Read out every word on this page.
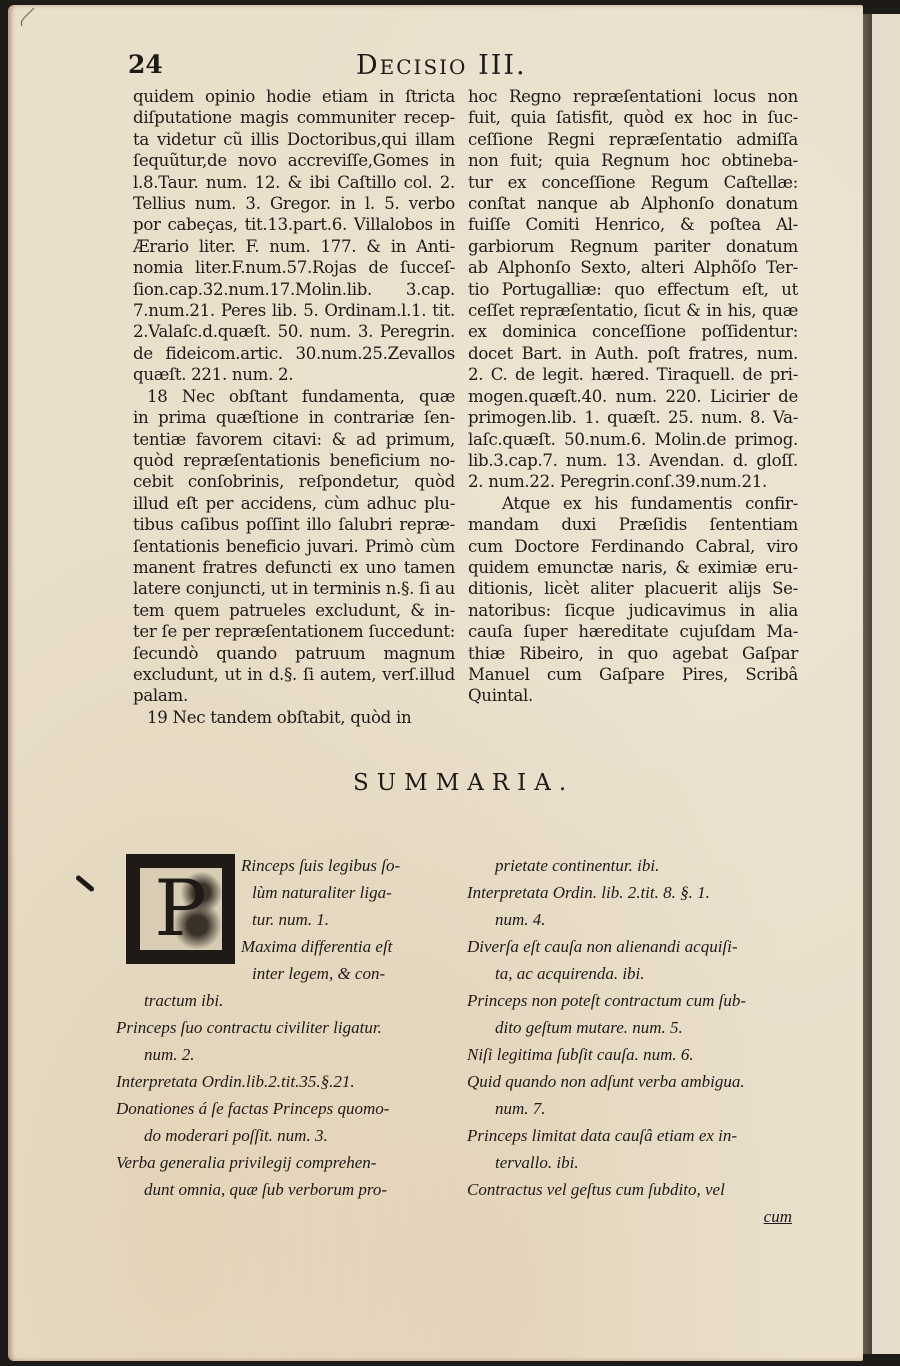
24	DECISIO III.
quidem opinio hodie etiam in ſtricta
diſputatione magis communiter recep-
ta videtur cũ illis Doctoribus,qui illam
ſequũtur,de novo accreviſſe,Gomes in
l.8.Taur. num. 12. & ibi Caſtillo col. 2.
Tellius num. 3. Gregor. in l. 5. verbo
por cabeças, tit.13.part.6. Villalobos in
Ærario liter. F. num. 177. & in Anti-
nomia liter.F.num.57.Rojas de ſucceſ-
ſion.cap.32.num.17.Molin.lib. 3.cap.
7.num.21. Peres lib. 5. Ordinam.l.1. tit.
2.Valaſc.d.quæſt. 50. num. 3. Peregrin.
de fideicom.artic. 30.num.25.Zevallos
quæſt. 221. num. 2.
18 Nec obſtant fundamenta, quæ
in prima quæſtione in contrariæ ſen-
tentiæ favorem citavi: & ad primum,
quòd repræſentationis beneficium no-
cebit conſobrinis, reſpondetur, quòd
illud eſt per accidens, cùm adhuc plu-
tibus caſibus poſſint illo ſalubri repræ-
ſentationis beneficio juvari. Primò cùm
manent fratres defuncti ex uno tamen
latere conjuncti, ut in terminis n.§. ſi au
tem quem patrueles excludunt, & in-
ter ſe per repræſentationem ſuccedunt:
ſecundò quando patruum magnum
excludunt, ut in d.§. ſi autem, verſ.illud
palam.
19 Nec tandem obſtabit, quòd in
hoc Regno repræſentationi locus non
fuit, quia ſatisfit, quòd ex hoc in ſuc-
ceſſione Regni repræſentatio admiſſa
non fuit; quia Regnum hoc obtineba-
tur ex conceſſione Regum Caſtellæ:
conſtat nanque ab Alphonſo donatum
fuiſſe Comiti Henrico, & poſtea Al-
garbiorum Regnum pariter donatum
ab Alphonſo Sexto, alteri Alphõſo Ter-
tio Portugalliæ: quo effectum eſt, ut
ceſſet repræſentatio, ſicut & in his, quæ
ex dominica conceſſione poſſidentur:
docet Bart. in Auth. poſt fratres, num.
2. C. de legit. hæred. Tiraquell. de pri-
mogen.quæſt.40. num. 220. Licirier de
primogen.lib. 1. quæſt. 25. num. 8. Va-
laſc.quæſt. 50.num.6. Molin.de primog.
lib.3.cap.7. num. 13. Avendan. d. gloſſ.
2. num.22. Peregrin.conſ.39.num.21.
Atque ex his fundamentis confir-
mandam duxi Præſidis ſententiam
cum Doctore Ferdinando Cabral, viro
quidem emunctæ naris, & eximiæ eru-
ditionis, licèt aliter placuerit alijs Se-
natoribus: ſicque judicavimus in alia
cauſa ſuper hæreditate cujuſdam Ma-
thiæ Ribeiro, in quo agebat Gaſpar
Manuel cum Gaſpare Pires, Scribâ
Quintal.
SUMMARIA.
P	Rinceps ſuis legibus ſo-
lùm naturaliter liga-
tur. num. 1.
Maxima differentia eſt
inter legem, & con-
tractum ibi.
Princeps ſuo contractu civiliter ligatur.
num. 2.
Interpretata Ordin.lib.2.tit.35.§.21.
Donationes á ſe factas Princeps quomo-
do moderari poſſit. num. 3.
Verba generalia privilegij comprehen-
dunt omnia, quæ ſub verborum pro-
prietate continentur. ibi.
Interpretata Ordin. lib. 2.tit. 8. §. 1.
num. 4.
Diverſa eſt cauſa non alienandi acquiſi-
ta, ac acquirenda. ibi.
Princeps non poteſt contractum cum ſub-
dito geſtum mutare. num. 5.
Niſi legitima ſubſit cauſa. num. 6.
Quid quando non adſunt verba ambigua.
num. 7.
Princeps limitat data cauſâ etiam ex in-
tervallo. ibi.
Contractus vel geſtus cum ſubdito, vel
cum
